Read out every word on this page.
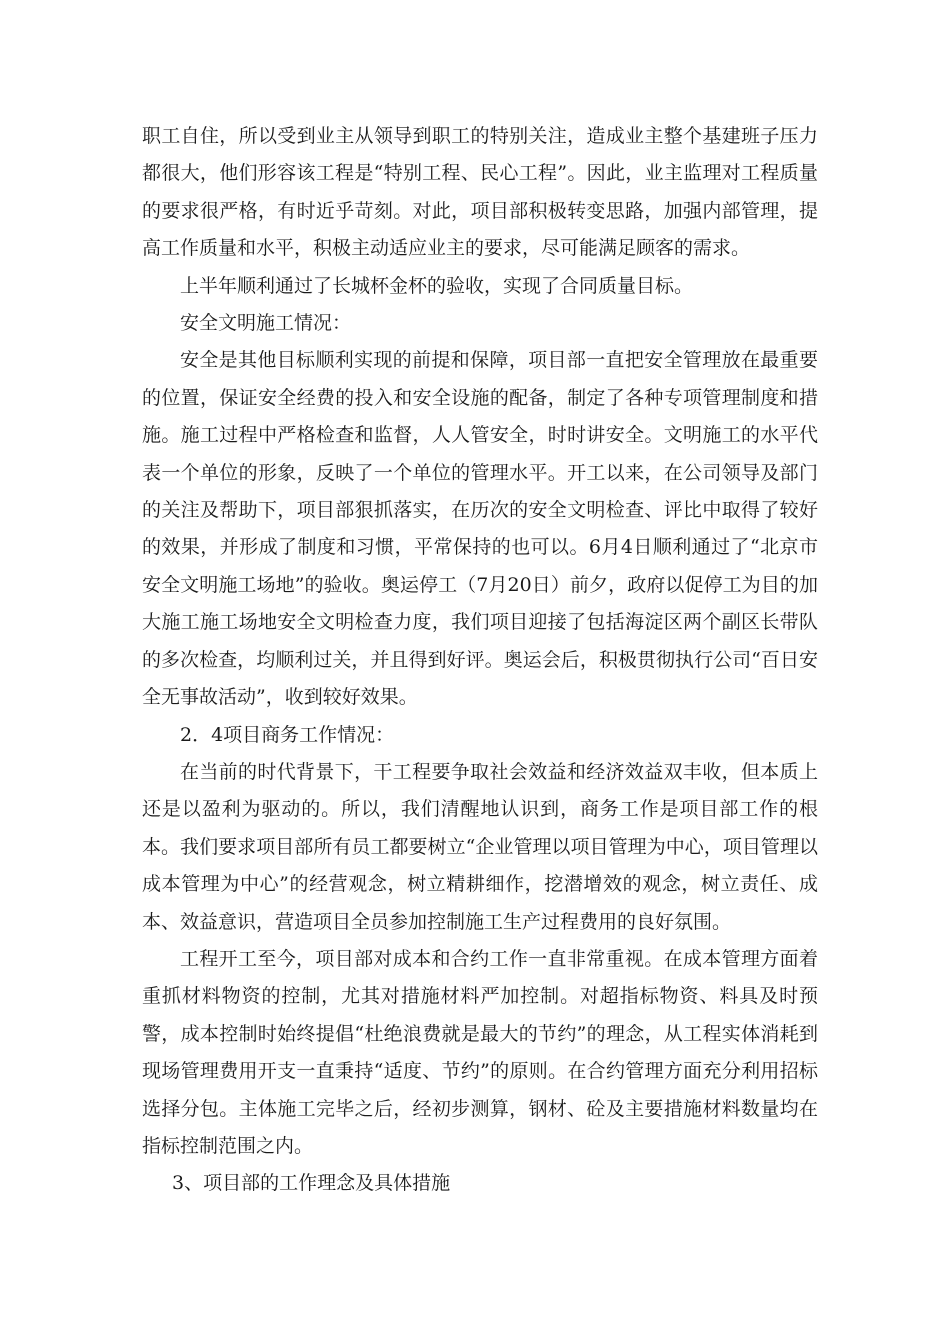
职工自住，所以受到业主从领导到职工的特别关注，造成业主整个基建班子压力都很大，他们形容该工程是“特别工程、民心工程”。因此，业主监理对工程质量的要求很严格，有时近乎苛刻。对此，项目部积极转变思路，加强内部管理，提高工作质量和水平，积极主动适应业主的要求，尽可能满足顾客的需求。

上半年顺利通过了长城杯金杯的验收，实现了合同质量目标。

安全文明施工情况：

安全是其他目标顺利实现的前提和保障，项目部一直把安全管理放在最重要的位置，保证安全经费的投入和安全设施的配备，制定了各种专项管理制度和措施。施工过程中严格检查和监督，人人管安全，时时讲安全。文明施工的水平代表一个单位的形象，反映了一个单位的管理水平。开工以来，在公司领导及部门的关注及帮助下，项目部狠抓落实，在历次的安全文明检查、评比中取得了较好的效果，并形成了制度和习惯，平常保持的也可以。6月4日顺利通过了“北京市安全文明施工场地”的验收。奥运停工（7月20日）前夕，政府以促停工为目的加大施工施工场地安全文明检查力度，我们项目迎接了包括海淀区两个副区长带队的多次检查，均顺利过关，并且得到好评。奥运会后，积极贯彻执行公司“百日安全无事故活动”，收到较好效果。

2．4项目商务工作情况：

在当前的时代背景下，干工程要争取社会效益和经济效益双丰收，但本质上还是以盈利为驱动的。所以，我们清醒地认识到，商务工作是项目部工作的根本。我们要求项目部所有员工都要树立“企业管理以项目管理为中心，项目管理以成本管理为中心”的经营观念，树立精耕细作，挖潜增效的观念，树立责任、成本、效益意识，营造项目全员参加控制施工生产过程费用的良好氛围。

工程开工至今，项目部对成本和合约工作一直非常重视。在成本管理方面着重抓材料物资的控制，尤其对措施材料严加控制。对超指标物资、料具及时预警，成本控制时始终提倡“杜绝浪费就是最大的节约”的理念，从工程实体消耗到现场管理费用开支一直秉持“适度、节约”的原则。在合约管理方面充分利用招标选择分包。主体施工完毕之后，经初步测算，钢材、砼及主要措施材料数量均在指标控制范围之内。

3、项目部的工作理念及具体措施
